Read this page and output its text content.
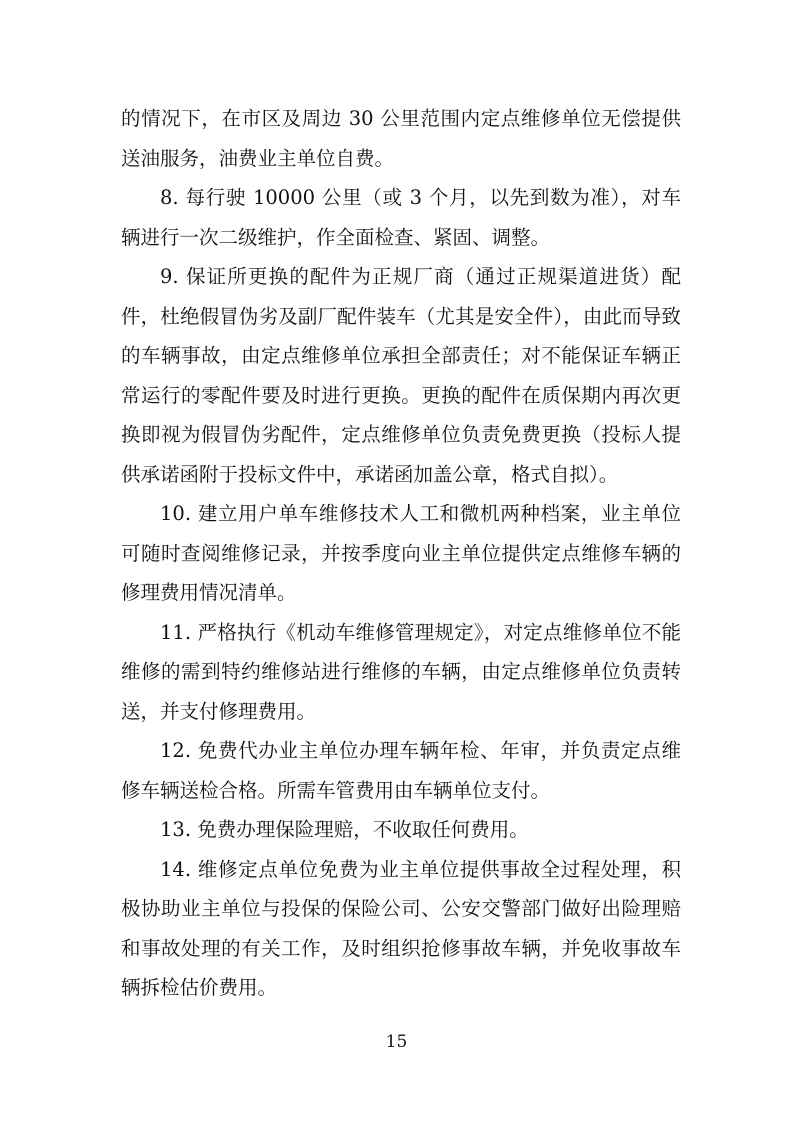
的情况下，在市区及周边 30 公里范围内定点维修单位无偿提供送油服务，油费业主单位自费。

8. 每行驶 10000 公里（或 3 个月，以先到数为准），对车辆进行一次二级维护，作全面检查、紧固、调整。

9. 保证所更换的配件为正规厂商（通过正规渠道进货）配件，杜绝假冒伪劣及副厂配件装车（尤其是安全件），由此而导致的车辆事故，由定点维修单位承担全部责任；对不能保证车辆正常运行的零配件要及时进行更换。更换的配件在质保期内再次更换即视为假冒伪劣配件，定点维修单位负责免费更换（投标人提供承诺函附于投标文件中，承诺函加盖公章，格式自拟）。

10. 建立用户单车维修技术人工和微机两种档案，业主单位可随时查阅维修记录，并按季度向业主单位提供定点维修车辆的修理费用情况清单。

11. 严格执行《机动车维修管理规定》，对定点维修单位不能维修的需到特约维修站进行维修的车辆，由定点维修单位负责转送，并支付修理费用。

12. 免费代办业主单位办理车辆年检、年审，并负责定点维修车辆送检合格。所需车管费用由车辆单位支付。

13. 免费办理保险理赔，不收取任何费用。

14. 维修定点单位免费为业主单位提供事故全过程处理，积极协助业主单位与投保的保险公司、公安交警部门做好出险理赔和事故处理的有关工作，及时组织抢修事故车辆，并免收事故车辆拆检估价费用。

15
